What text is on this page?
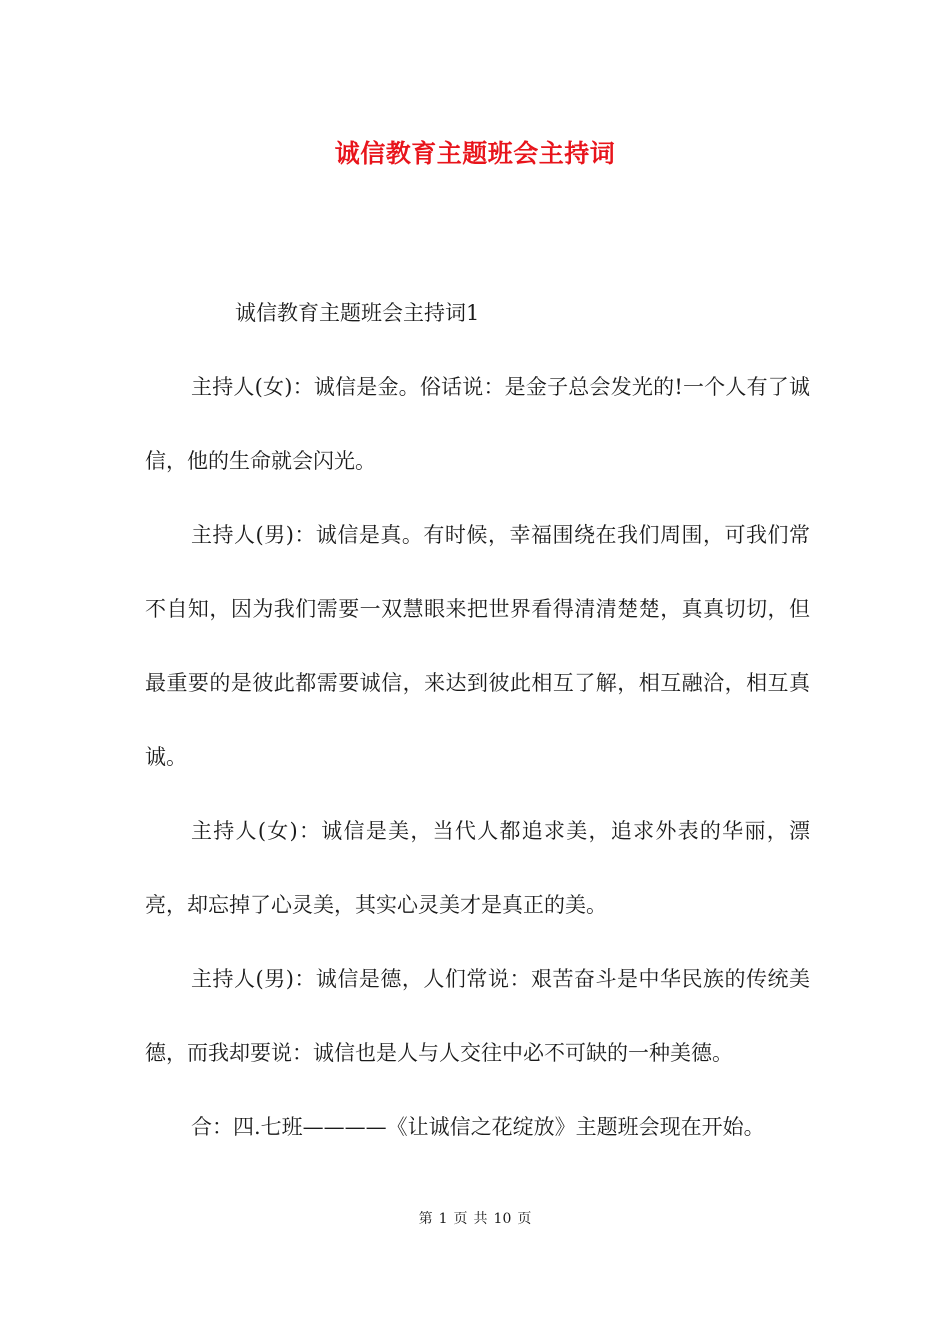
诚信教育主题班会主持词

诚信教育主题班会主持词1

主持人(女)：诚信是金。俗话说：是金子总会发光的!一个人有了诚信，他的生命就会闪光。

主持人(男)：诚信是真。有时候，幸福围绕在我们周围，可我们常不自知，因为我们需要一双慧眼来把世界看得清清楚楚，真真切切，但最重要的是彼此都需要诚信，来达到彼此相互了解，相互融洽，相互真诚。

主持人(女)：诚信是美，当代人都追求美，追求外表的华丽，漂亮，却忘掉了心灵美，其实心灵美才是真正的美。

主持人(男)：诚信是德，人们常说：艰苦奋斗是中华民族的传统美德，而我却要说：诚信也是人与人交往中必不可缺的一种美德。

合：四.七班————《让诚信之花绽放》主题班会现在开始。

第 1 页 共 10 页
